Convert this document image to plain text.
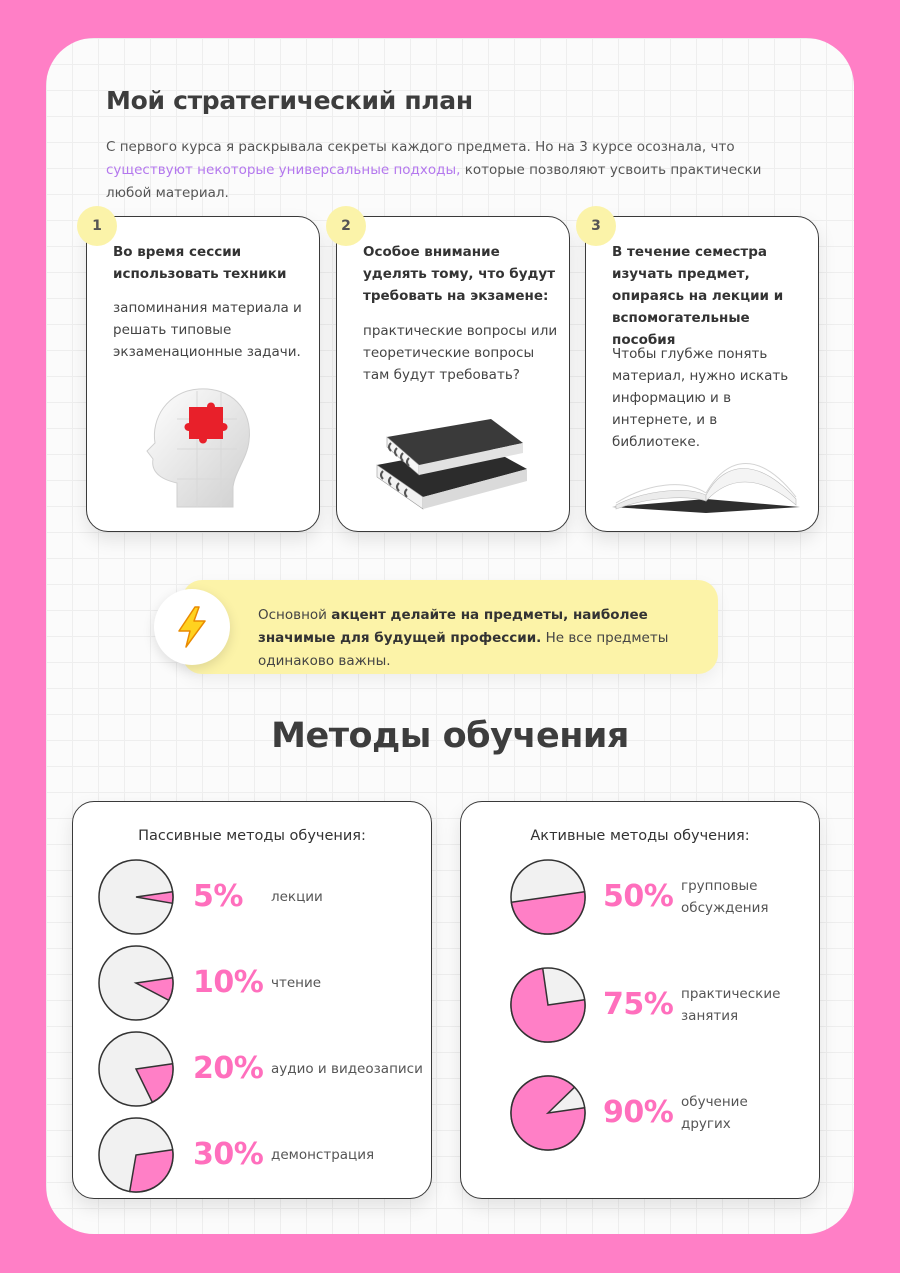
Мой стратегический план

С первого курса я раскрывала секреты каждого предмета. Но на 3 курсе осознала, что существуют некоторые универсальные подходы, которые позволяют усвоить практически любой материал.

Во время сессии использовать техники
запоминания материала и решать типовые экзаменационные задачи.
Особое внимание уделять тому, что будут требовать на экзамене:
практические вопросы или теоретические вопросы там будут требовать?
В течение семестра изучать предмет, опираясь на лекции и вспомогательные пособия
Чтобы глубже понять материал, нужно искать информацию и в интернете, и в библиотеке.
1	2	3

Основной акцент делайте на предметы, наиболее значимые для будущей профессии. Не все предметы одинаково важны.

Методы обучения
Пассивные методы обучения:
5% лекции
10% чтение
20% аудио и видеозаписи
30% демонстрация
Активные методы обучения:
50% групповые обсуждения
75% практические занятия
90% обучение других
